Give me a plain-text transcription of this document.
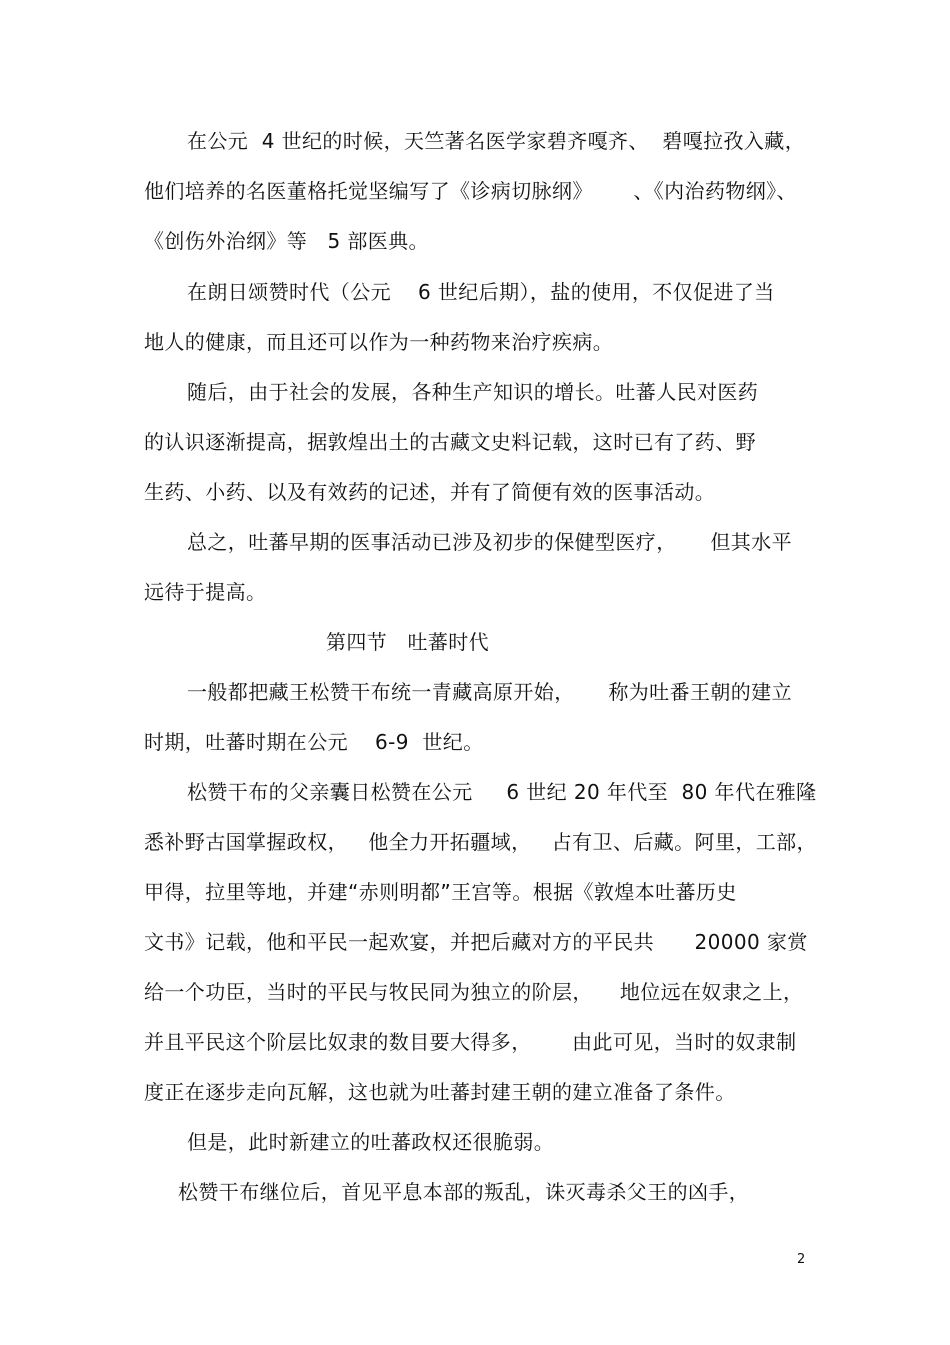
在公元  4 世纪的时候，天竺著名医学家碧齐嘎齐、  碧嘎拉孜入藏，

他们培养的名医董格托觉坚编写了《诊病切脉纲》      、《内治药物纲》、

《创伤外治纲》等   5 部医典。

在朗日颂赞时代（公元    6 世纪后期），盐的使用，不仅促进了当

地人的健康，而且还可以作为一种药物来治疗疾病。

随后，由于社会的发展，各种生产知识的增长。吐蕃人民对医药

的认识逐渐提高，据敦煌出土的古藏文史料记载，这时已有了药、野

生药、小药、以及有效药的记述，并有了简便有效的医事活动。

总之，吐蕃早期的医事活动已涉及初步的保健型医疗，     但其水平

远待于提高。

第四节   吐蕃时代

一般都把藏王松赞干布统一青藏高原开始，     称为吐番王朝的建立

时期，吐蕃时期在公元    6-9  世纪。

松赞干布的父亲囊日松赞在公元     6 世纪 20 年代至  80 年代在雅隆

悉补野古国掌握政权，   他全力开拓疆域，   占有卫、后藏。阿里，工部，

甲得，拉里等地，并建“赤则明都”王宫等。根据《敦煌本吐蕃历史

文书》记载，他和平民一起欢宴，并把后藏对方的平民共      20000 家赏

给一个功臣，当时的平民与牧民同为独立的阶层，    地位远在奴隶之上，

并且平民这个阶层比奴隶的数目要大得多，      由此可见，当时的奴隶制

度正在逐步走向瓦解，这也就为吐蕃封建王朝的建立准备了条件。

但是，此时新建立的吐蕃政权还很脆弱。

松赞干布继位后，首见平息本部的叛乱，诛灭毒杀父王的凶手，

2
